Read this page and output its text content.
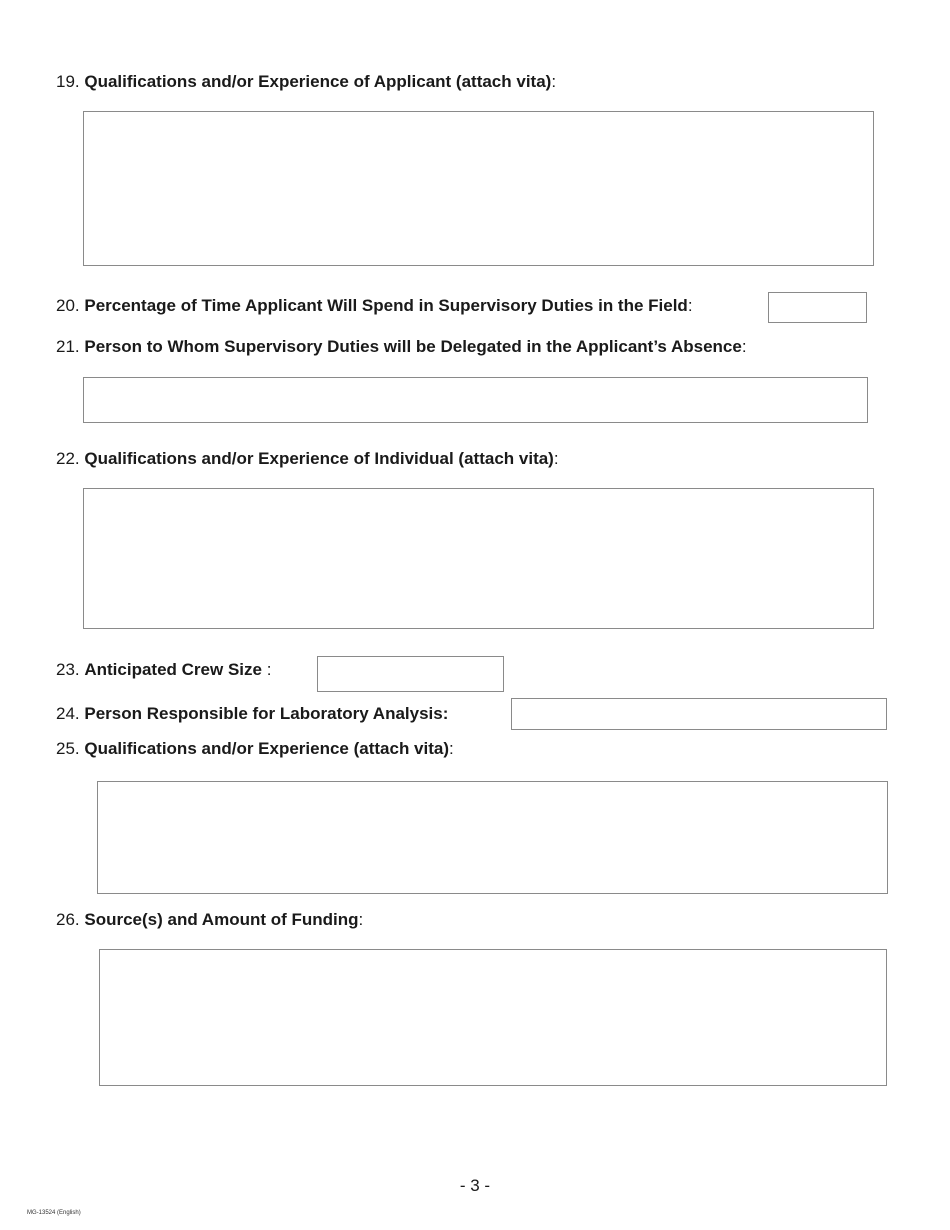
19. Qualifications and/or Experience of Applicant (attach vita):
20. Percentage of Time Applicant Will Spend in Supervisory Duties in the Field:
21. Person to Whom Supervisory Duties will be Delegated in the Applicant’s Absence:
22. Qualifications and/or Experience of Individual (attach vita):
23. Anticipated Crew Size :
24. Person Responsible for Laboratory Analysis:
25. Qualifications and/or Experience (attach vita):
26. Source(s) and Amount of Funding:
- 3 -
MG-13524 (English)
